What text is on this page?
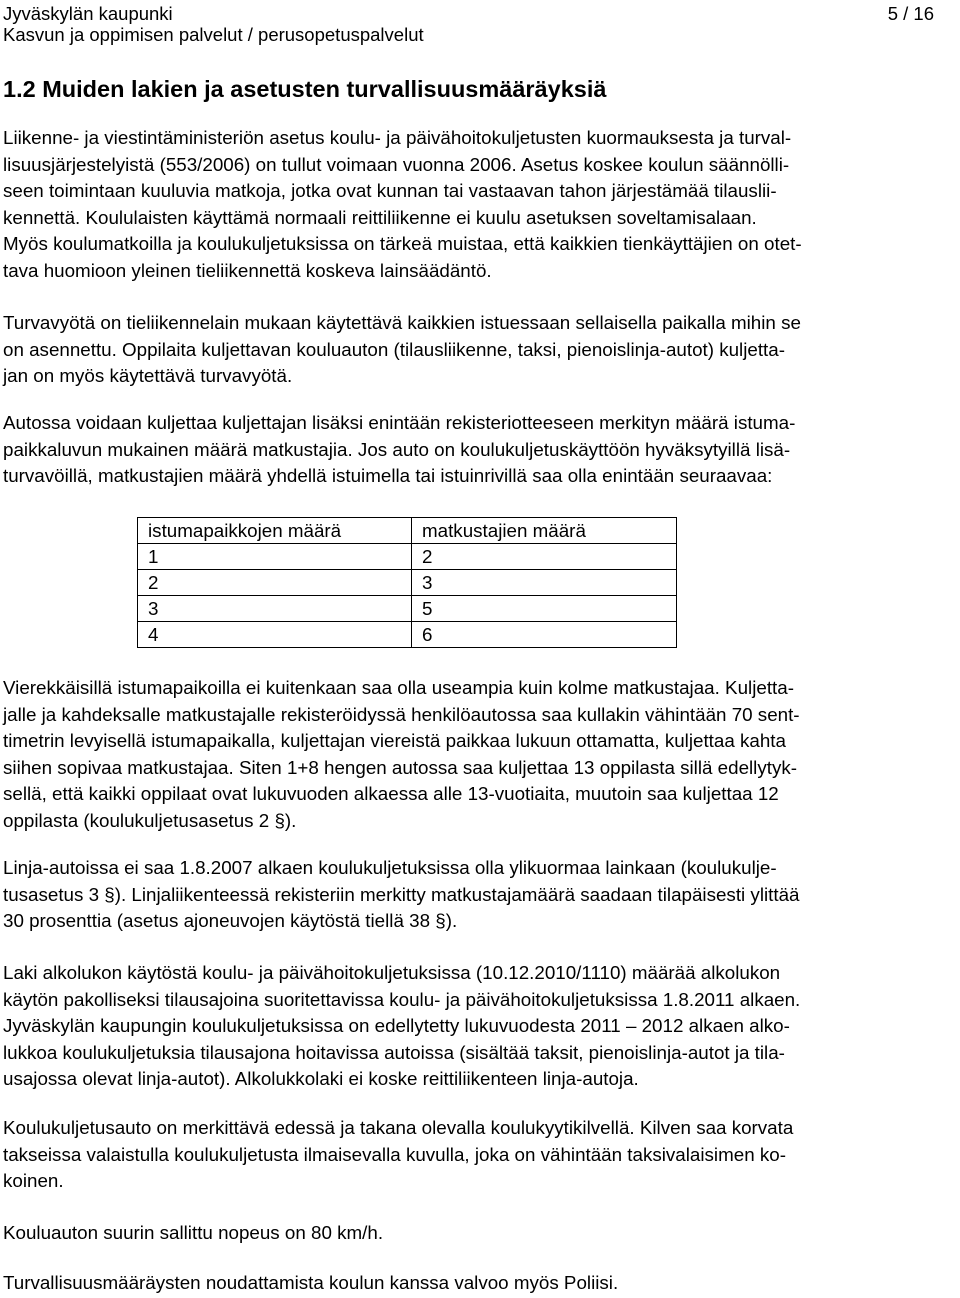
Jyväskylän kaupunki
Kasvun ja oppimisen palvelut / perusopetuspalvelut
5 / 16
1.2 Muiden lakien ja asetusten turvallisuusmääräyksiä

Liikenne- ja viestintäministeriön asetus koulu- ja päivähoitokuljetusten kuormauksesta ja turval-
lisuusjärjestelyistä (553/2006) on tullut voimaan vuonna 2006. Asetus koskee koulun säännölli-
seen toimintaan kuuluvia matkoja, jotka ovat kunnan tai vastaavan tahon järjestämää tilauslii-
kennettä. Koululaisten käyttämä normaali reittiliikenne ei kuulu asetuksen soveltamisalaan.
Myös koulumatkoilla ja koulukuljetuksissa on tärkeä muistaa, että kaikkien tienkäyttäjien on otet-
tava huomioon yleinen tieliikennettä koskeva lainsäädäntö.

Turvavyötä on tieliikennelain mukaan käytettävä kaikkien istuessaan sellaisella paikalla mihin se
on asennettu. Oppilaita kuljettavan kouluauton (tilausliikenne, taksi, pienoislinja-autot) kuljetta-
jan on myös käytettävä turvavyötä.

Autossa voidaan kuljettaa kuljettajan lisäksi enintään rekisteriotteeseen merkityn määrä istuma-
paikkaluvun mukainen määrä matkustajia. Jos auto on koulukuljetuskäyttöön hyväksytyillä lisä-
turvavöillä, matkustajien määrä yhdellä istuimella tai istuinrivillä saa olla enintään seuraavaa:

istumapaikkojen määrä	matkustajien määrä
1	2
2	3
3	5
4	6

Vierekkäisillä istumapaikoilla ei kuitenkaan saa olla useampia kuin kolme matkustajaa. Kuljetta-
jalle ja kahdeksalle matkustajalle rekisteröidyssä henkilöautossa saa kullakin vähintään 70 sent-
timetrin levyisellä istumapaikalla, kuljettajan viereistä paikkaa lukuun ottamatta, kuljettaa kahta
siihen sopivaa matkustajaa. Siten 1+8 hengen autossa saa kuljettaa 13 oppilasta sillä edellytyk-
sellä, että kaikki oppilaat ovat lukuvuoden alkaessa alle 13-vuotiaita, muutoin saa kuljettaa 12
oppilasta (koulukuljetusasetus 2 §).

Linja-autoissa ei saa 1.8.2007 alkaen koulukuljetuksissa olla ylikuormaa lainkaan (koulukulje-
tusasetus 3 §). Linjaliikenteessä rekisteriin merkitty matkustajamäärä saadaan tilapäisesti ylittää
30 prosenttia (asetus ajoneuvojen käytöstä tiellä 38 §).

Laki alkolukon käytöstä koulu- ja päivähoitokuljetuksissa (10.12.2010/1110) määrää alkolukon
käytön pakolliseksi tilausajoina suoritettavissa koulu- ja päivähoitokuljetuksissa 1.8.2011 alkaen.
Jyväskylän kaupungin koulukuljetuksissa on edellytetty lukuvuodesta 2011 – 2012 alkaen alko-
lukkoa koulukuljetuksia tilausajona hoitavissa autoissa (sisältää taksit, pienoislinja-autot ja tila-
usajossa olevat linja-autot). Alkolukkolaki ei koske reittiliikenteen linja-autoja.

Koulukuljetusauto on merkittävä edessä ja takana olevalla koulukyytikilvellä. Kilven saa korvata
takseissa valaistulla koulukuljetusta ilmaisevalla kuvulla, joka on vähintään taksivalaisimen ko-
koinen.

Kouluauton suurin sallittu nopeus on 80 km/h.

Turvallisuusmääräysten noudattamista koulun kanssa valvoo myös Poliisi.
